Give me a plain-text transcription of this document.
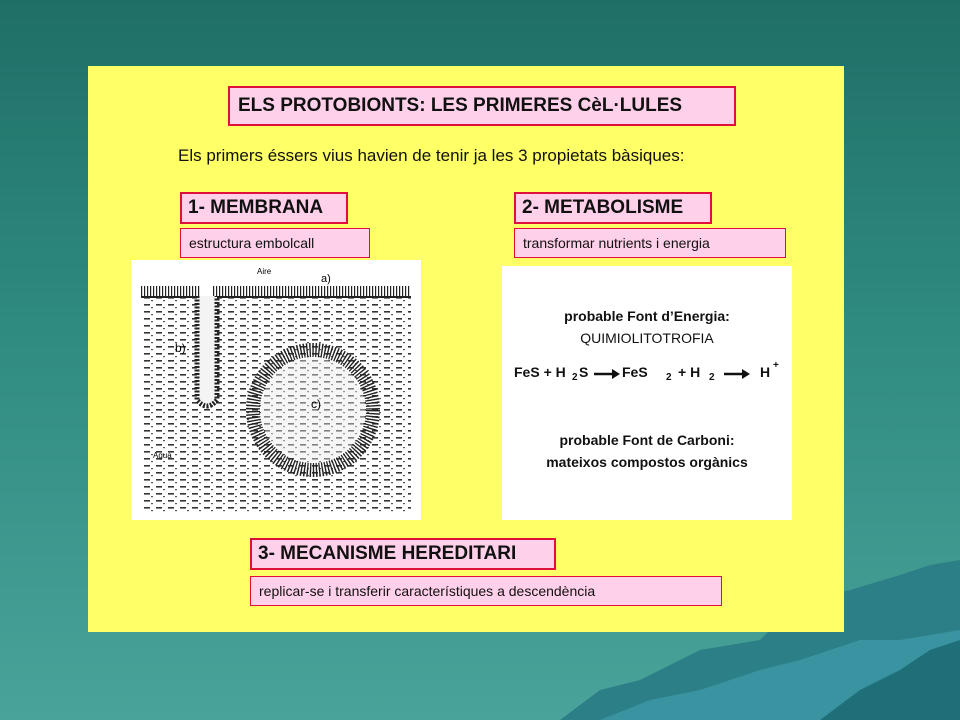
ELS PROTOBIONTS: LES PRIMERES CèL·LULES
Els primers éssers vius havien de tenir ja les 3 propietats bàsiques:
1- MEMBRANA
estructura embolcall
2- METABOLISME
transformar nutrients i energia
Aire
a)
b)
c)
Agua
probable Font d’Energia:
QUIMIOLITOTROFIA
FeS + H 2 S FeS 2 + H 2	H +
probable Font de Carboni:
mateixos compostos orgànics
3- MECANISME HEREDITARI
replicar-se i transferir característiques a descendència
